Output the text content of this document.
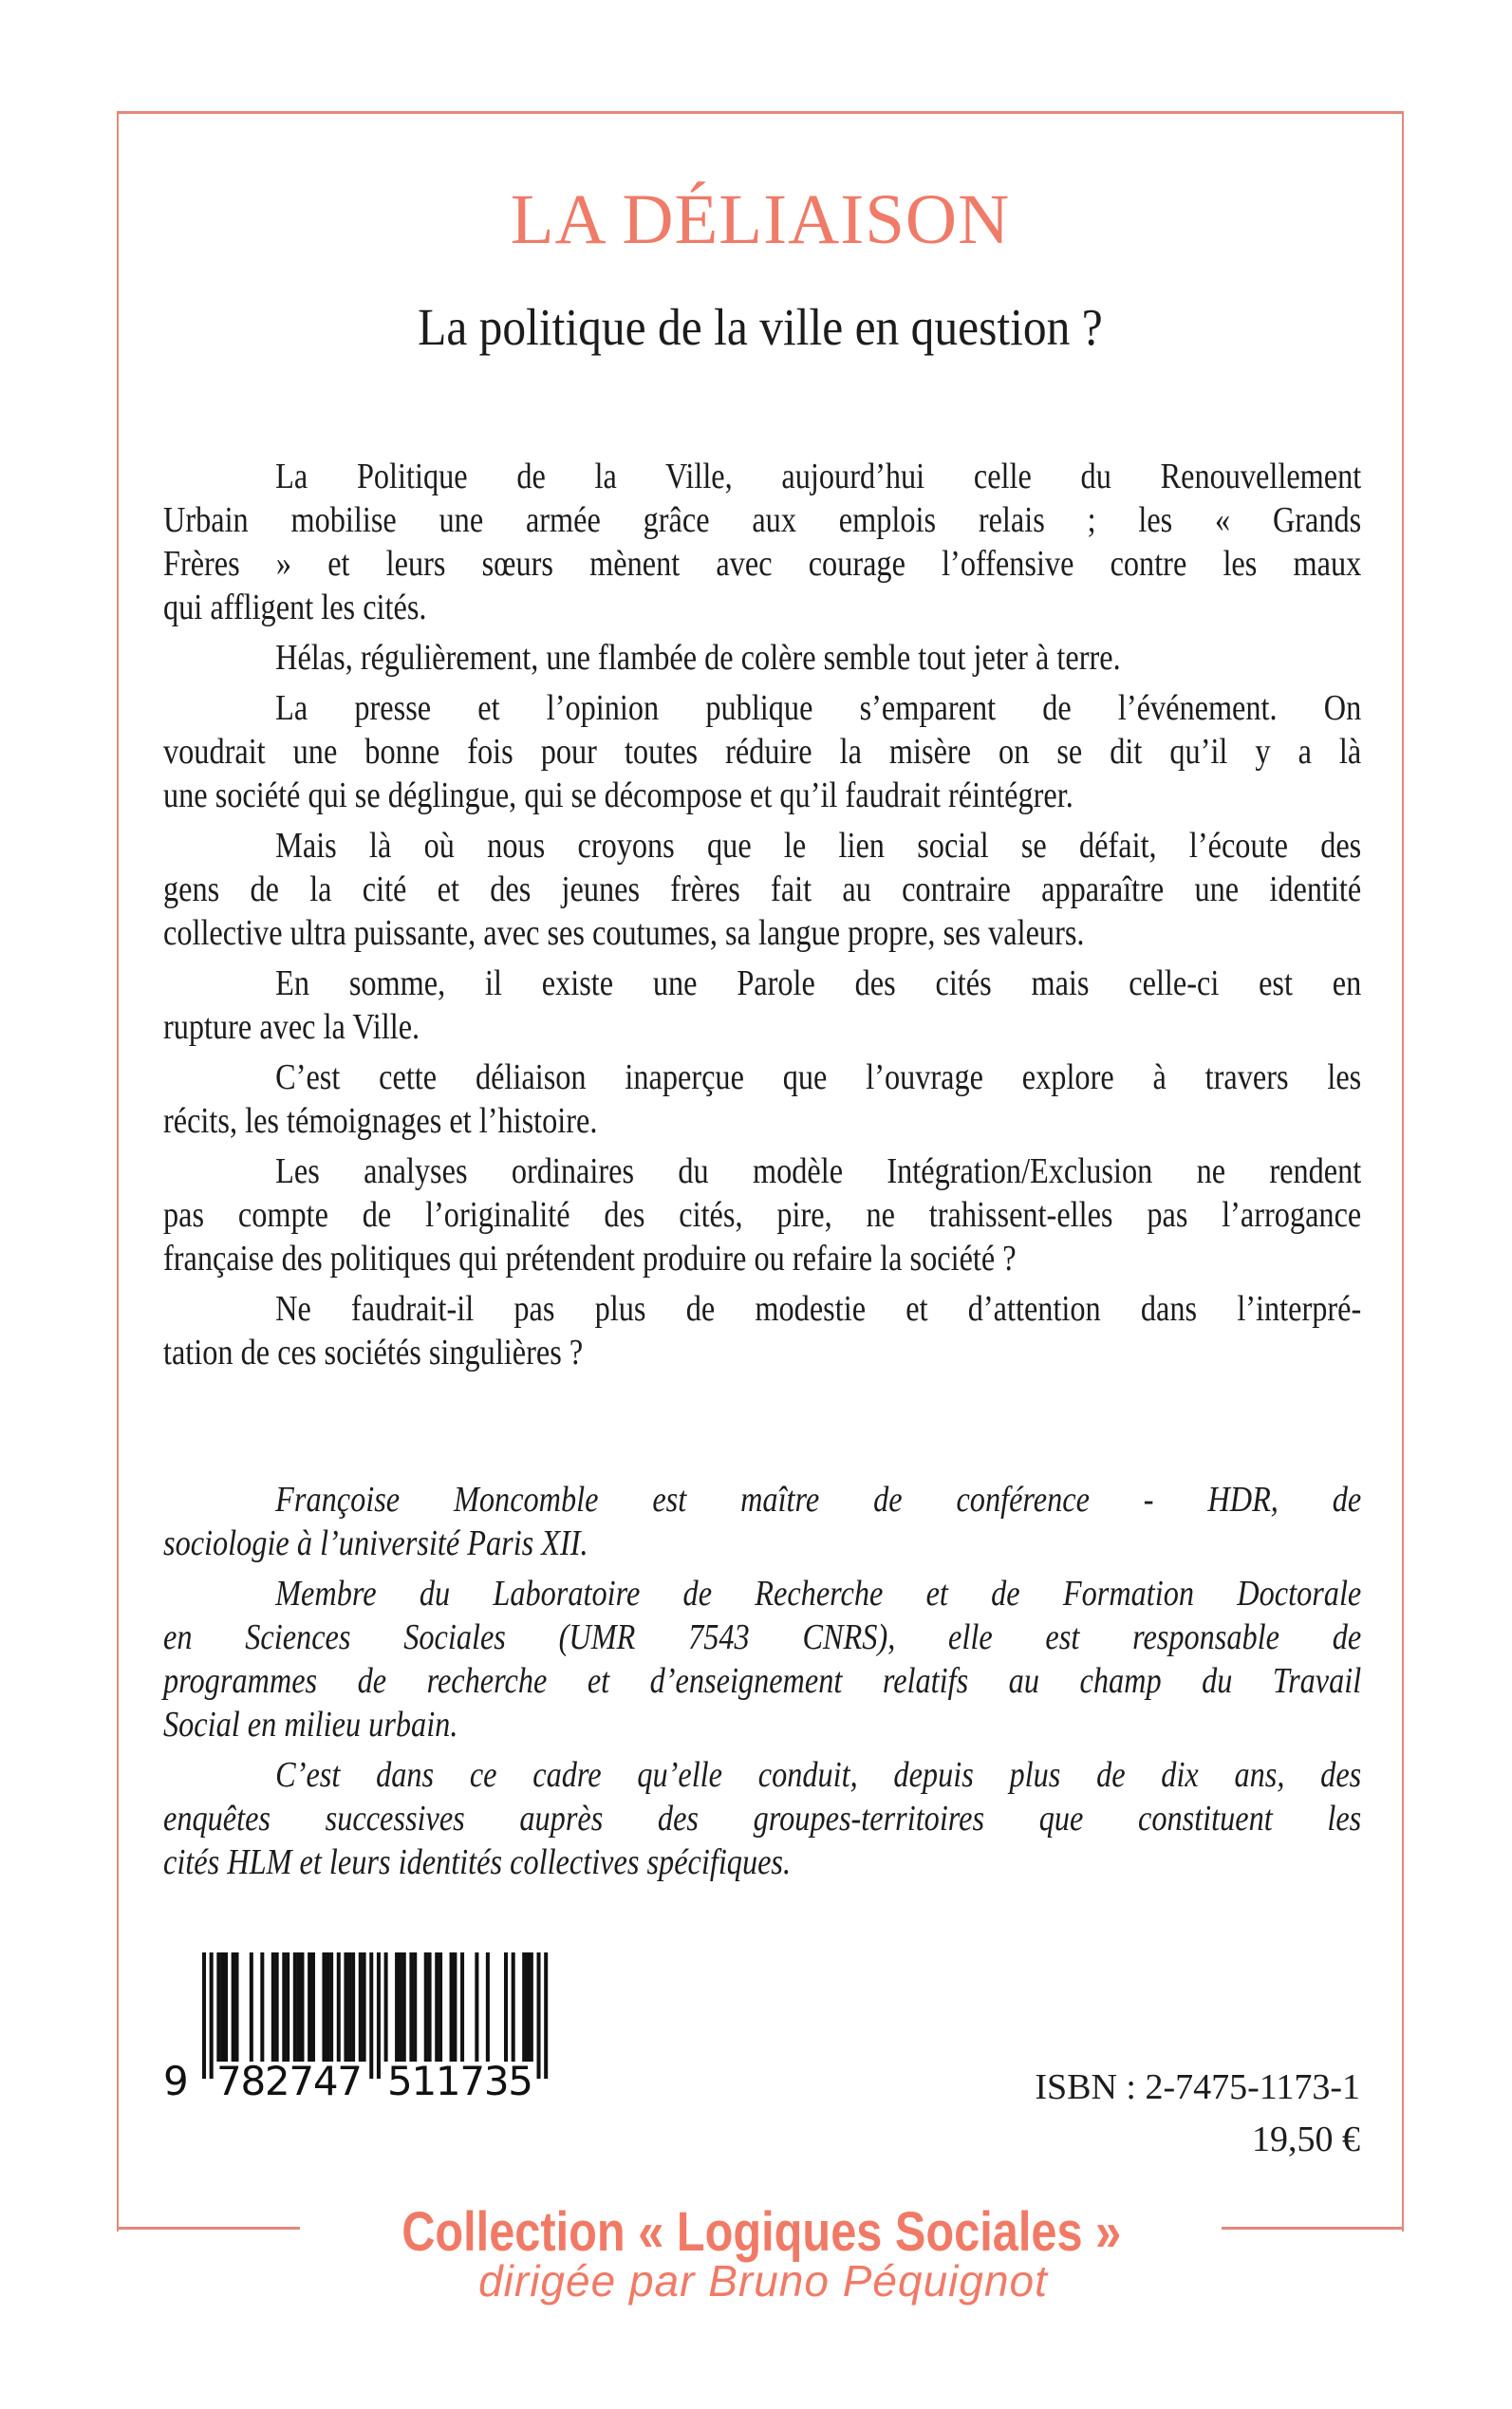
LA DÉLIAISON
La politique de la ville en question ?
La Politique de la Ville, aujourd’hui celle du Renouvellement
Urbain mobilise une armée grâce aux emplois relais ; les « Grands
Frères » et leurs sœurs mènent avec courage l’offensive contre les maux
qui affligent les cités.
Hélas, régulièrement, une flambée de colère semble tout jeter à terre.
La presse et l’opinion publique s’emparent de l’événement. On
voudrait une bonne fois pour toutes réduire la misère on se dit qu’il y a là
une société qui se déglingue, qui se décompose et qu’il faudrait réintégrer.
Mais là où nous croyons que le lien social se défait, l’écoute des
gens de la cité et des jeunes frères fait au contraire apparaître une identité
collective ultra puissante, avec ses coutumes, sa langue propre, ses valeurs.
En somme, il existe une Parole des cités mais celle-ci est en
rupture avec la Ville.
C’est cette déliaison inaperçue que l’ouvrage explore à travers les
récits, les témoignages et l’histoire.
Les analyses ordinaires du modèle Intégration/Exclusion ne rendent
pas compte de l’originalité des cités, pire, ne trahissent-elles pas l’arrogance
française des politiques qui prétendent produire ou refaire la société ?
Ne faudrait-il pas plus de modestie et d’attention dans l’interpré-
tation de ces sociétés singulières ?
Françoise Moncomble est maître de conférence - HDR, de
sociologie à l’université Paris XII.
Membre du Laboratoire de Recherche et de Formation Doctorale
en Sciences Sociales (UMR 7543 CNRS), elle est responsable de
programmes de recherche et d’enseignement relatifs au champ du Travail
Social en milieu urbain.
C’est dans ce cadre qu’elle conduit, depuis plus de dix ans, des
enquêtes successives auprès des groupes-territoires que constituent les
cités HLM et leurs identités collectives spécifiques.
9 782747 511735	ISBN : 2-7475-1173-1
19,50 €
Collection « Logiques Sociales »
dirigée par Bruno Péquignot
